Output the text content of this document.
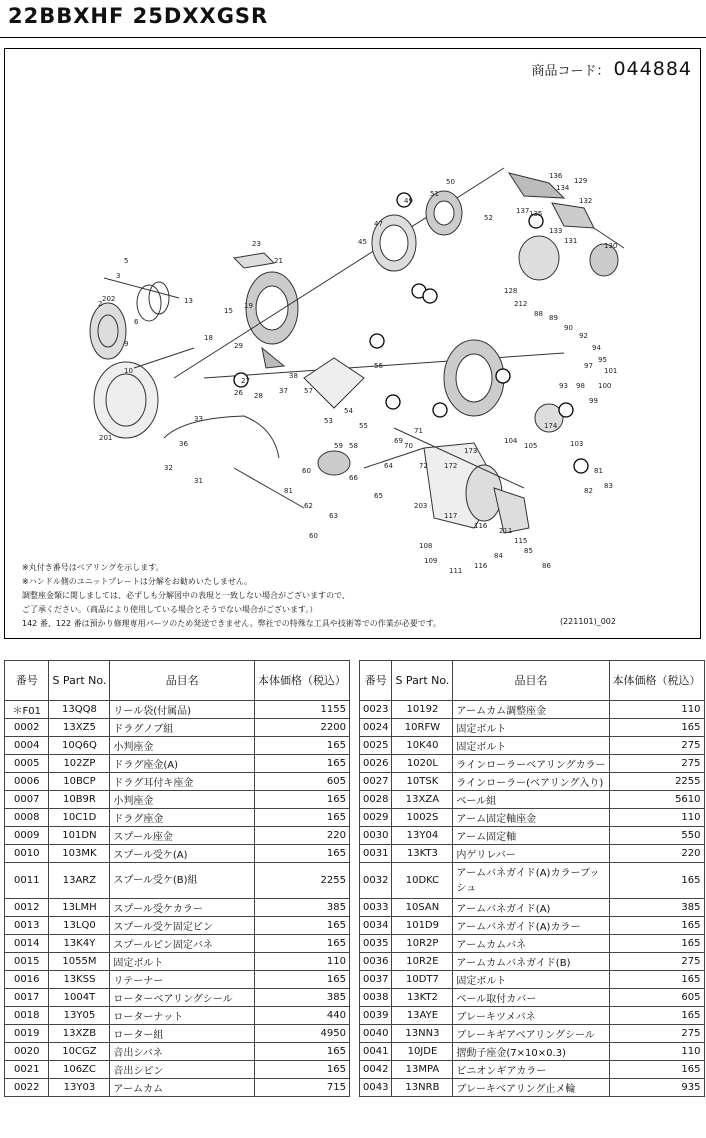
22BBXHF 25DXXGSR
商品コード： 044884
51
52
50
47
45
49
129
136
134
135
132
137
133
131
130
23
21
19
5
3
2
202
6
9
201
10
18
13
15
29
26
27
33
36
32
31
28
37
38
57
53
54
55
56
59 58
60
81
62
63
60
66
65
64
69
70
71
72 172
173
104
105
174
103
81
83
82
203
117
116
211
115
108
109
111
116
84
85
86
128
212
88 89
90
92
94
95
101
100
97
98
99
93
※丸付き番号はベアリングを示します。
※ハンドル側のユニットプレートは分解をお勧めいたしません。
調整座金類に関しましては、必ずしも分解図中の表現と一致しない場合がございますので、
ご了承ください。（商品により使用している場合とそうでない場合がございます。）
142 番、122 番は預かり修理専用パーツのため発送できません。弊社での特殊な工具や技術等での作業が必要です。	(221101)_002
番号	S Part No.	品目名	本体価格（税込）
＊F01	13QQ8	リール袋(付属品)	1155
0002	13XZ5	ドラグノブ組	2200
0004	10Q6Q	小判座金	165
0005	102ZP	ドラグ座金(A)	165
0006	10BCP	ドラグ耳付キ座金	605
0007	10B9R	小判座金	165
0008	10C1D	ドラグ座金	165
0009	101DN	スプール座金	220
0010	103MK	スプール受ケ(A)	165
0011	13ARZ	スプール受ケ(B)組	2255
0012	13LMH	スプール受ケカラー	385
0013	13LQ0	スプール受ケ固定ピン	165
0014	13K4Y	スプールピン固定バネ	165
0015	1055M	固定ボルト	110
0016	13KSS	リテーナー	165
0017	1004T	ローターベアリングシール	385
0018	13Y05	ローターナット	440
0019	13XZB	ローター組	4950
0020	10CGZ	音出シバネ	165
0021	106ZC	音出シピン	165
0022	13Y03	アームカム	715
番号	S Part No.	品目名	本体価格（税込）
0023	10192	アームカム調整座金	110
0024	10RFW	固定ボルト	165
0025	10K40	固定ボルト	275
0026	1020L	ラインローラーベアリングカラー	275
0027	10TSK	ラインローラー(ベアリング入り)	2255
0028	13XZA	ベール組	5610
0029	1002S	アーム固定軸座金	110
0030	13Y04	アーム固定軸	550
0031	13KT3	内ゲリレバー	220
0032	10DKC	アームバネガイド(A)カラーブッ
シュ	165
0033	10SAN	アームバネガイド(A)	385
0034	101D9	アームバネガイド(A)カラー	165
0035	10R2P	アームカムバネ	165
0036	10R2E	アームカムバネガイド(B)	275
0037	10DT7	固定ボルト	165
0038	13KT2	ベール取付カバー	605
0039	13AYE	ブレーキツメバネ	165
0040	13NN3	ブレーキギアベアリングシール	275
0041	10JDE	摺動子座金(7×10×0.3)	110
0042	13MPA	ピニオンギアカラー	165
0043	13NRB	ブレーキベアリング止メ輪	935
